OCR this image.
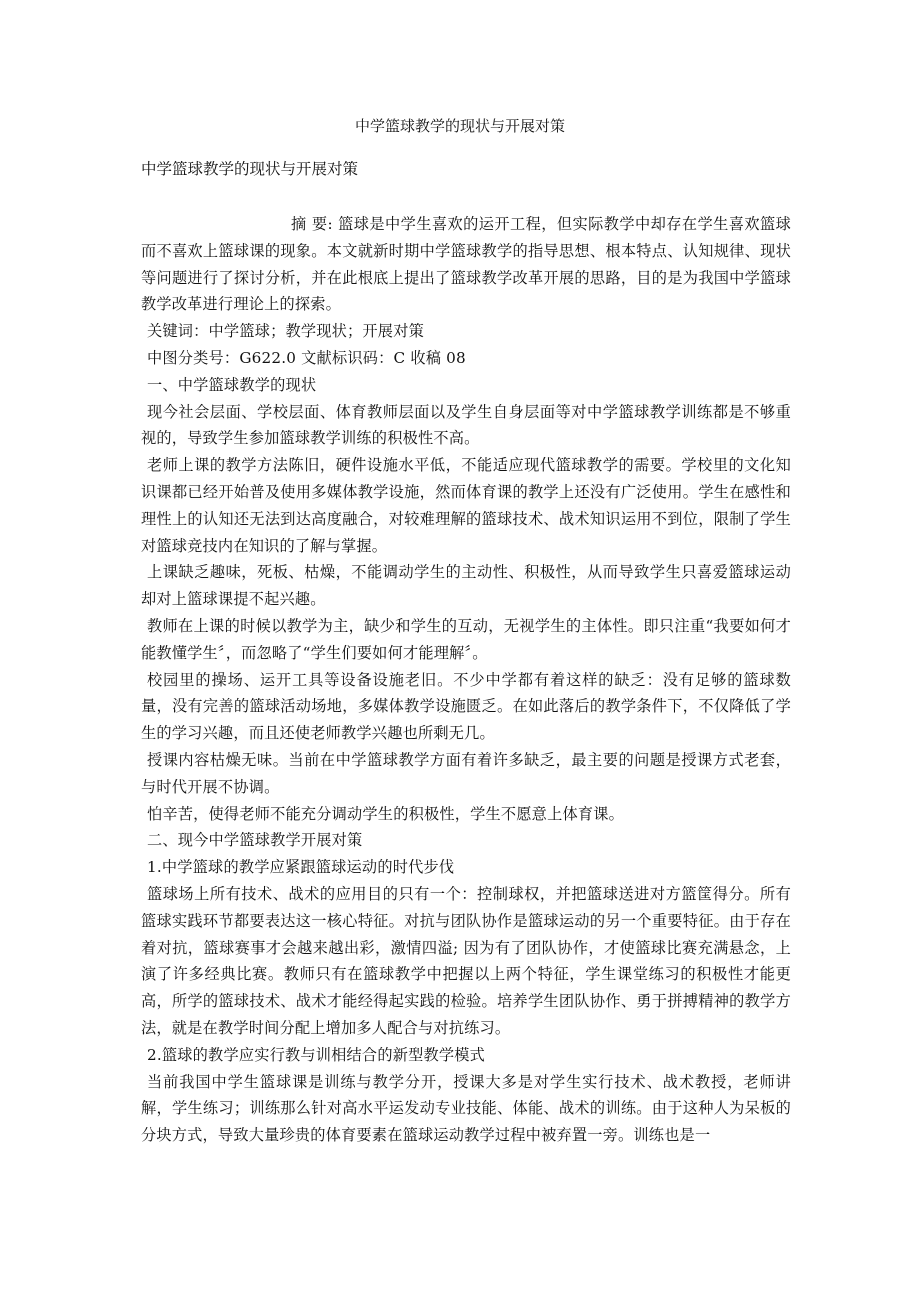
中学篮球教学的现状与开展对策
中学篮球教学的现状与开展对策

摘 要: 篮球是中学生喜欢的运开工程，但实际教学中却存在学生喜欢篮球而不喜欢上篮球课的现象。本文就新时期中学篮球教学的指导思想、根本特点、认知规律、现状等问题进行了探讨分析，并在此根底上提出了篮球教学改革开展的思路，目的是为我国中学篮球教学改革进行理论上的探索。

关键词：中学篮球；教学现状；开展对策

中图分类号：G622.0 文献标识码：C 收稿 08

一、中学篮球教学的现状

现今社会层面、学校层面、体育教师层面以及学生自身层面等对中学篮球教学训练都是不够重视的，导致学生参加篮球教学训练的积极性不高。

老师上课的教学方法陈旧，硬件设施水平低，不能适应现代篮球教学的需要。学校里的文化知识课都已经开始普及使用多媒体教学设施，然而体育课的教学上还没有广泛使用。学生在感性和理性上的认知还无法到达高度融合，对较难理解的篮球技术、战术知识运用不到位，限制了学生对篮球竞技内在知识的了解与掌握。

上课缺乏趣味，死板、枯燥，不能调动学生的主动性、积极性，从而导致学生只喜爱篮球运动却对上篮球课提不起兴趣。

教师在上课的时候以教学为主，缺少和学生的互动，无视学生的主体性。即只注重“我要如何才能教懂学生〞，而忽略了“学生们要如何才能理解〞。

校园里的操场、运开工具等设备设施老旧。不少中学都有着这样的缺乏：没有足够的篮球数量，没有完善的篮球活动场地，多媒体教学设施匮乏。在如此落后的教学条件下，不仅降低了学生的学习兴趣，而且还使老师教学兴趣也所剩无几。

授课内容枯燥无味。当前在中学篮球教学方面有着许多缺乏，最主要的问题是授课方式老套，与时代开展不协调。

怕辛苦，使得老师不能充分调动学生的积极性，学生不愿意上体育课。

二、现今中学篮球教学开展对策

1.中学篮球的教学应紧跟篮球运动的时代步伐

篮球场上所有技术、战术的应用目的只有一个：控制球权，并把篮球送进对方篮筐得分。所有篮球实践环节都要表达这一核心特征。对抗与团队协作是篮球运动的另一个重要特征。由于存在着对抗，篮球赛事才会越来越出彩，激情四溢; 因为有了团队协作，才使篮球比赛充满悬念，上演了许多经典比赛。教师只有在篮球教学中把握以上两个特征，学生课堂练习的积极性才能更高，所学的篮球技术、战术才能经得起实践的检验。培养学生团队协作、勇于拼搏精神的教学方法，就是在教学时间分配上增加多人配合与对抗练习。

2.篮球的教学应实行教与训相结合的新型教学模式

当前我国中学生篮球课是训练与教学分开，授课大多是对学生实行技术、战术教授，老师讲解，学生练习；训练那么针对高水平运发动专业技能、体能、战术的训练。由于这种人为呆板的分块方式，导致大量珍贵的体育要素在篮球运动教学过程中被弃置一旁。训练也是一
